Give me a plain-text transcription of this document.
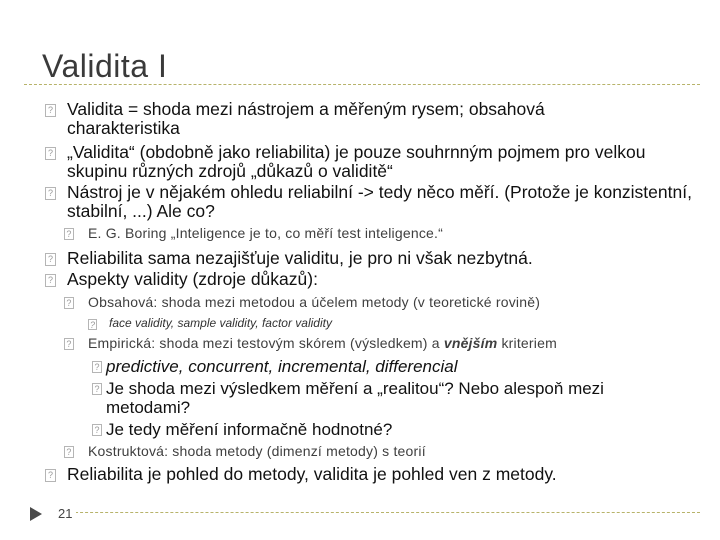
Validita I
? Validita = shoda mezi nástrojem a měřeným rysem; obsahová charakteristika
? „Validita“ (obdobně jako reliabilita) je pouze souhrnným pojmem pro velkou skupinu různých zdrojů „důkazů o validitě“
? Nástroj je v nějakém ohledu reliabilní -> tedy něco měří. (Protože je konzistentní, stabilní, ...) Ale co?
? E. G. Boring „Inteligence je to, co měří test inteligence.“
? Reliabilita sama nezajišťuje validitu, je pro ni však nezbytná.
? Aspekty validity (zdroje důkazů):
? Obsahová: shoda mezi metodou a účelem metody (v teoretické rovině)
? face validity, sample validity, factor validity
? Empirická: shoda mezi testovým skórem (výsledkem) a vnějším kriteriem
? predictive, concurrent, incremental, differencial
? Je shoda mezi výsledkem měření a „realitou“? Nebo alespoň mezi metodami?
? Je tedy měření informačně hodnotné?
? Kostruktová: shoda metody (dimenzí metody) s teorií
? Reliabilita je pohled do metody, validita je pohled ven z metody.
21
